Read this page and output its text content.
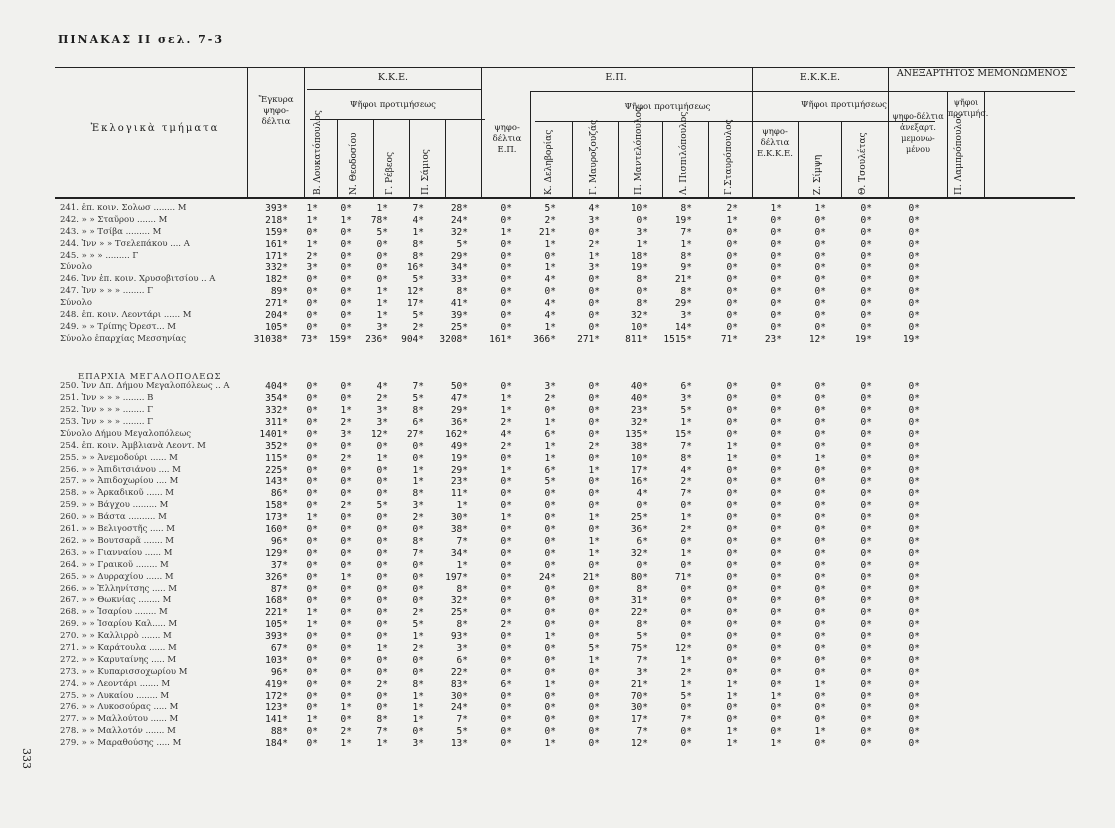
ΠΙΝΑΚΑΣ ΙΙ σελ. 7-3
333
Ἐκλογικὰ τμήματα
Ἔγκυρα ψηφο-δέλτια
Κ.Κ.Ε.
Ψῆφοι προτιμήσεως
Ε.Π.
Ψῆφοι προτιμήσεως
ψηφο-δέλτια Ε.Π.
Ε.Κ.Κ.Ε.
Ψῆφοι προτιμήσεως
ψηφο-δέλτια Ε.Κ.Κ.Ε.
ΑΝΕΞΑΡΤΗΤΟΣ ΜΕΜΟΝΩΜΕΝΟΣ
ψηφο-δέλτια ἀνεξαρτ. μεμονω-μένου
ψῆφοι προτιμήσ.
Β. Λουκατόπουλος	Ν. Θεοδοσίου	Γ. Ρέβεος	Π. Σάμιος	Κ. Δεληβορίας	Γ. Μαυροζουζάς	Π. Μαντελόπουλος	Λ. Πισπιλόπουλος	Γ.Σταυρόπουλος	Ζ. Σίμψη	Θ. Τσουλέτας	Π. Λαμπρόπουλος
ΕΠΑΡΧΙΑ ΜΕΓΑΛΟΠΟΛΕΩΣ
241. ἐπ. κοιν. Σολωσ ........ Μ	393* 1* 0*	1*	7*	28*	0*	5*	4*	10*	8*	2*	1*	1*	0*	0*
242. » » Σταῦρου ....... Μ	218* 1* 1* 78*	4*	24*	0*	2*	3*	0*	19*	1*	0*	0*	0*	0*
243. » » Τσίβα ......... Μ	159* 0* 0*	5*	1*	32*	1*	21*	0*	3*	7*	0*	0*	0*	0*	0*
244. Ἰνν » » Τσελεπάκου .... Α	161* 1* 0*	0*	8*	5*	0*	1*	2*	1*	1*	0*	0*	0*	0*	0*
245. » » » ......... Γ	171* 2* 0*	0*	8*	29*	0*	0*	1*	18*	8*	0*	0*	0*	0*	0*
Σύνολο	332* 3* 0*	0* 16*	34*	0*	1*	3*	19*	9*	0*	0*	0*	0*	0*
246. Ἰνν ἐπ. κοιν. Χρυσοβιτσίου .. Α	182* 0* 0*	0*	5*	33*	0*	4*	0*	8*	21*	0*	0*	0*	0*	0*
247. Ἰνν » » » ........ Γ	89* 0* 0*	1* 12*	8*	0*	0*	0*	0*	8*	0*	0*	0*	0*	0*
Σύνολο	271* 0* 0*	1* 17*	41*	0*	4*	0*	8*	29*	0*	0*	0*	0*	0*
248. ἐπ. κοιν. Λεοντάρι ...... Μ	204* 0* 0*	1*	5*	39*	0*	4*	0*	32*	3*	0*	0*	0*	0*	0*
249. » » Τρίπης Ὀρεστ... Μ	105* 0* 0*	3*	2*	25*	0*	1*	0*	10*	14*	0*	0*	0*	0*	0*
Σύνολο ἐπαρχίας Μεσσηνίας	31038* 73* 159* 236* 904* 3208* 161* 366* 271*	811* 1515*	71*	23*	12*	19*	19*
250. Ἰνν Δπ. Δήμου Μεγαλοπόλεως .. Α	404* 0* 0*	4*	7*	50*	0*	3*	0*	40*	6*	0*	0*	0*	0*	0*
251. Ἰνν » » » ........ Β	354* 0* 0*	2*	5*	47*	1*	2*	0*	40*	3*	0*	0*	0*	0*	0*
252. Ἰνν » » » ........ Γ	332* 0* 1*	3*	8*	29*	1*	0*	0*	23*	5*	0*	0*	0*	0*	0*
253. Ἰνν » » » ........ Γ	311* 0* 2*	3*	6*	36*	2*	1*	0*	32*	1*	0*	0*	0*	0*	0*
Σύνολο Δήμου Μεγαλοπόλεως	1401* 0* 3* 12* 27* 162*	4*	6*	0*	135*	15*	0*	0*	0*	0*	0*
254. ἐπ. κοιν. Ἀμβλιανὰ Λεοντ. Μ	352* 0* 0*	0*	0*	49*	2*	1*	2*	38*	7*	1*	0*	0*	0*	0*
255. » » Ἀνεμοδούρι ...... Μ	115* 0* 2*	1*	0*	19*	0*	1*	0*	10*	8*	1*	0*	1*	0*	0*
256. » » Ἀπιδιτσιάνου .... Μ	225* 0* 0*	0*	1*	29*	1*	6*	1*	17*	4*	0*	0*	0*	0*	0*
257. » » Ἀπιδοχωρίου .... Μ	143* 0* 0*	0*	1*	23*	0*	5*	0*	16*	2*	0*	0*	0*	0*	0*
258. » » Ἀρκαδικοῦ ...... Μ	86* 0* 0*	0*	8*	11*	0*	0*	0*	4*	7*	0*	0*	0*	0*	0*
259. » » Βάγχου ......... Μ	158* 0* 2*	5*	3*	1*	0*	0*	0*	0*	0*	0*	0*	0*	0*	0*
260. » » Βάστα .......... Μ	173* 1* 0*	0*	2*	30*	1*	0*	1*	25*	1*	0*	0*	0*	0*	0*
261. » » Βελιγοστῆς ..... Μ	160* 0* 0*	0*	0*	38*	0*	0*	0*	36*	2*	0*	0*	0*	0*	0*
262. » » Βουτσαρᾶ ....... Μ	96* 0* 0*	0*	8*	7*	0*	0*	1*	6*	0*	0*	0*	0*	0*	0*
263. » » Γιανναίου ...... Μ	129* 0* 0*	0*	7*	34*	0*	0*	1*	32*	1*	0*	0*	0*	0*	0*
264. » » Γραικοῦ ........ Μ	37* 0* 0*	0*	0*	1*	0*	0*	0*	0*	0*	0*	0*	0*	0*	0*
265. » » Δυρραχίου ...... Μ	326* 0* 1*	0*	0* 197*	0*	24*	21*	80*	71*	0*	0*	0*	0*	0*
266. » » Ἑλληνίτσης ..... Μ	87* 0* 0*	0*	0*	8*	0*	0*	0*	8*	0*	0*	0*	0*	0*	0*
267. » » Θωκνίας ........ Μ	168* 0* 0*	0*	0*	32*	0*	0*	0*	31*	0*	0*	0*	0*	0*	0*
268. » » Ἰσαρίου ........ Μ	221* 1* 0*	0*	2*	25*	0*	0*	0*	22*	0*	0*	0*	0*	0*	0*
269. » » Ἰσαρίου Καλ..... Μ	105* 1* 0*	0*	5*	8*	2*	0*	0*	8*	0*	0*	0*	0*	0*	0*
270. » » Καλλιρρὸ ....... Μ	393* 0* 0*	0*	1*	93*	0*	1*	0*	5*	0*	0*	0*	0*	0*	0*
271. » » Καράτουλα ...... Μ	67* 0* 0*	1*	2*	3*	0*	0*	5*	75*	12*	0*	0*	0*	0*	0*
272. » » Καρυταίνης ..... Μ	103* 0* 0*	0*	0*	6*	0*	0*	1*	7*	1*	0*	0*	0*	0*	0*
273. » » Κυπαρισσοχωρίου Μ	96* 0* 0*	0*	0*	22*	0*	0*	0*	3*	2*	0*	0*	0*	0*	0*
274. » » Λεοντάρι ....... Μ	419* 0* 0*	2*	8*	83*	6*	1*	0*	21*	1*	1*	0*	1*	0*	0*
275. » » Λυκαίου ........ Μ	172* 0* 0*	0*	1*	30*	0*	0*	0*	70*	5*	1*	1*	0*	0*	0*
276. » » Λυκοσούρας ..... Μ	123* 0* 1*	0*	1*	24*	0*	0*	0*	30*	0*	0*	0*	0*	0*	0*
277. » » Μαλλούτου ...... Μ	141* 1* 0*	8*	1*	7*	0*	0*	0*	17*	7*	0*	0*	0*	0*	0*
278. » » Μαλλοτόν ....... Μ	88* 0* 2*	7*	0*	5*	0*	0*	0*	7*	0*	1*	0*	1*	0*	0*
279. » » Μαραθούσης ..... Μ	184* 0* 1*	1*	3*	13*	0*	1*	0*	12*	0*	1*	1*	0*	0*	0*
